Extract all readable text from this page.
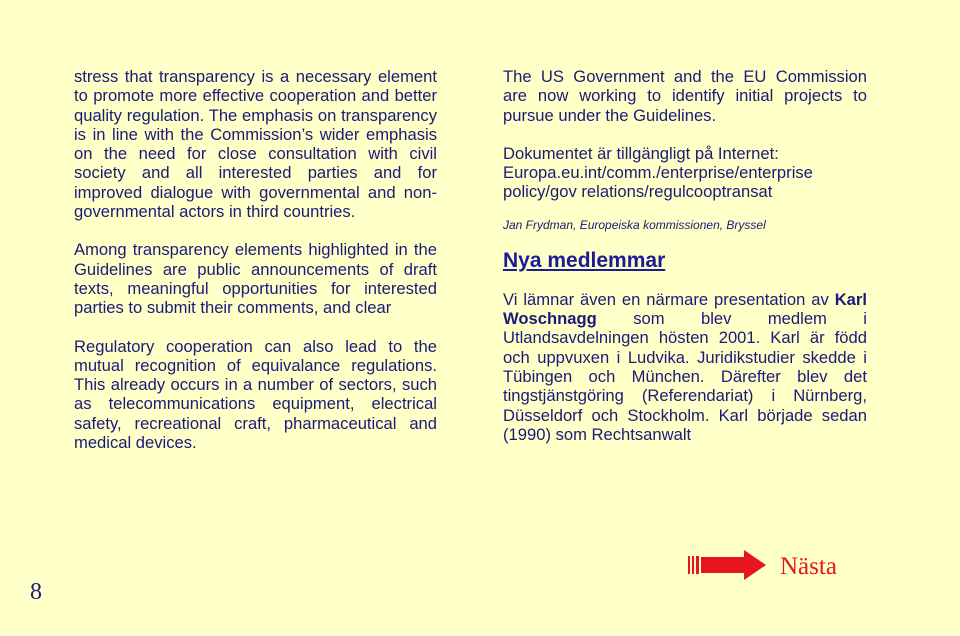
stress that transparency is a necessary element to promote more effective cooperation and better quality regulation. The emphasis on transparency is in line with the Commission’s wider emphasis on the need for close consultation with civil society and all interested parties and for improved dialogue with governmental and non-governmental actors in third countries.

Among transparency elements highlighted in the Guidelines are public announcements of draft texts, meaningful opportunities for interested parties to submit their comments, and clear

Regulatory cooperation can also lead to the mutual recognition of equivalance regulations. This already occurs in a number of sectors, such as telecommunications equipment, electrical safety, recreational craft, pharmaceutical and medical devices.

The US Government and the EU Commission are now working to identify initial projects to pursue under the Guidelines.

Dokumentet är tillgängligt på Internet:
Europa.eu.int/comm./enterprise/enterprise
policy/gov relations/regulcooptransat

Jan Frydman, Europeiska kommissionen, Bryssel

Nya medlemmar

Vi lämnar även en närmare presentation av Karl Woschnagg som blev medlem i Utlandsavdelningen hösten 2001. Karl är född och uppvuxen i Ludvika. Juridikstudier skedde i Tübingen och München. Därefter blev det tingstjänstgöring (Referendariat) i Nürnberg, Düsseldorf och Stockholm. Karl började sedan (1990) som Rechtsanwalt

8
Nästa
